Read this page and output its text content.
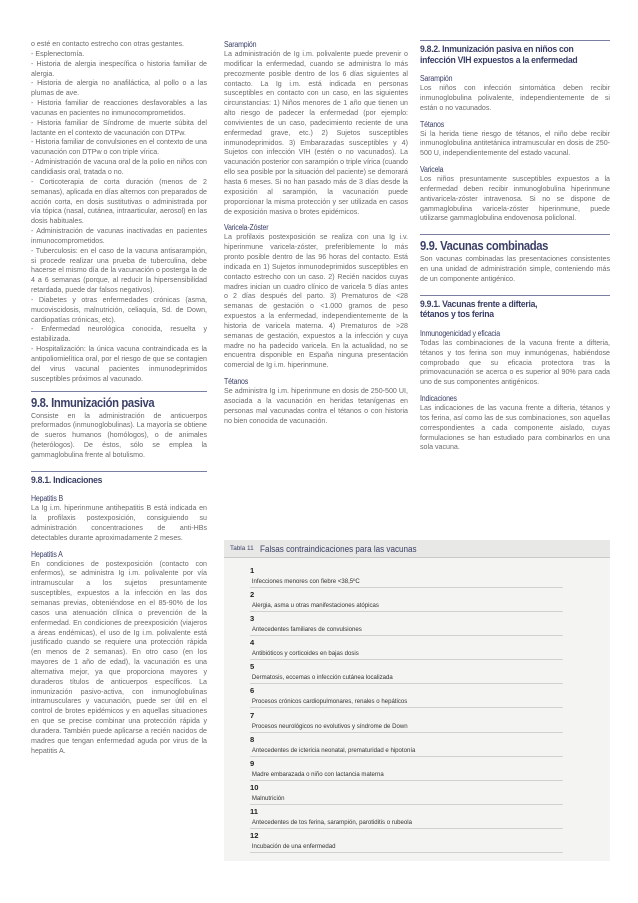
o esté en contacto estrecho con otras gestantes.

- Esplenectomía.

- Historia de alergia inespecífica o historia familiar de alergia.

- Historia de alergia no anafiláctica, al pollo o a las plumas de ave.

- Historia familiar de reacciones desfavorables a las vacunas en pacientes no inmunocomprometidos.

- Historia familiar de Síndrome de muerte súbita del lactante en el contexto de vacunación con DTPw.

- Historia familiar de convulsiones en el contexto de una vacunación con DTPw o con triple vírica.

- Administración de vacuna oral de la polio en niños con candidiasis oral, tratada o no.

- Corticoterapia de corta duración (menos de 2 semanas), aplicada en días alternos con preparados de acción corta, en dosis sustitutivas o administrada por vía tópica (nasal, cutánea, intraarticular, aerosol) en las dosis habituales.

- Administración de vacunas inactivadas en pacientes inmunocomprometidos.

- Tuberculosis: en el caso de la vacuna antisarampión, si procede realizar una prueba de tuberculina, debe hacerse el mismo día de la vacunación o posterga la de 4 a 6 semanas (porque, al reducir la hipersensibilidad retardada, puede dar falsos negativos).

- Diabetes y otras enfermedades crónicas (asma, mucoviscidosis, malnutrición, celiaquía, Sd. de Down, cardiopatías crónicas, etc).

- Enfermedad neurológica conocida, resuelta y estabilizada.

- Hospitalización: la única vacuna contraindicada es la antipoliomielítica oral, por el riesgo de que se contagien del virus vacunal pacientes inmunodeprimidos susceptibles próximos al vacunado.

9.8. Inmunización pasiva

Consiste en la administración de anticuerpos preformados (inmunoglobulinas). La mayoría se obtiene de sueros humanos (homólogos), o de animales (heterólogos). De éstos, sólo se emplea la gammaglobulina frente al botulismo.

9.8.1. Indicaciones
Hepatitis B

La Ig i.m. hiperinmune antihepatitis B está indicada en la profilaxis postexposición, consiguiendo su administración concentraciones de anti-HBs detectables durante aproximadamente 2 meses.

Hepatitis A

En condiciones de postexposición (contacto con enfermos), se administra Ig i.m. polivalente por vía intramuscular a los sujetos presuntamente susceptibles, expuestos a la infección en las dos semanas previas, obteniéndose en el 85-90% de los casos una atenuación clínica o prevención de la enfermedad. En condiciones de preexposición (viajeros a áreas endémicas), el uso de Ig i.m. polivalente está justificado cuando se requiere una protección rápida (en menos de 2 semanas). En otro caso (en los mayores de 1 año de edad), la vacunación es una alternativa mejor, ya que proporciona mayores y duraderos títulos de anticuerpos específicos. La inmunización pasivo-activa, con inmunoglobulinas intramusculares y vacunación, puede ser útil en el control de brotes epidémicos y en aquellas situaciones en que se precise combinar una protección rápida y duradera. También puede aplicarse a recién nacidos de madres que tengan enfermedad aguda por virus de la hepatitis A.

Sarampión

La administración de Ig i.m. polivalente puede prevenir o modificar la enfermedad, cuando se administra lo más precozmente posible dentro de los 6 días siguientes al contacto. La Ig i.m. está indicada en personas susceptibles en contacto con un caso, en las siguientes circunstancias: 1) Niños menores de 1 año que tienen un alto riesgo de padecer la enfermedad (por ejemplo: convivientes de un caso, padecimiento reciente de una enfermedad grave, etc.) 2) Sujetos susceptibles inmunodeprimidos. 3) Embarazadas susceptibles y 4) Sujetos con infección VIH (estén o no vacunados). La vacunación posterior con sarampión o triple vírica (cuando ello sea posible por la situación del paciente) se demorará hasta 6 meses. Si no han pasado más de 3 días desde la exposición al sarampión, la vacunación puede proporcionar la misma protección y ser utilizada en casos de exposición masiva o brotes epidémicos.

Varicela-Zóster

La profilaxis postexposición se realiza con una Ig i.v. hiperinmune varicela-zóster, preferiblemente lo más pronto posible dentro de las 96 horas del contacto. Está indicada en 1) Sujetos inmunodeprimidos susceptibles en contacto estrecho con un caso. 2) Recién nacidos cuyas madres inician un cuadro clínico de varicela 5 días antes o 2 días después del parto. 3) Prematuros de <28 semanas de gestación o <1.000 gramos de peso expuestos a la enfermedad, independientemente de la historia de varicela materna. 4) Prematuros de >28 semanas de gestación, expuestos a la infección y cuya madre no ha padecido varicela. En la actualidad, no se encuentra disponible en España ninguna presentación comercial de Ig i.m. hiperinmune.

Tétanos

Se administra Ig i.m. hiperinmune en dosis de 250-500 UI, asociada a la vacunación en heridas tetanígenas en personas mal vacunadas contra el tétanos o con historia no bien conocida de vacunación.

9.8.2. Inmunización pasiva en niños con infección VIH expuestos a la enfermedad
Sarampión

Los niños con infección sintomática deben recibir inmunoglobulina polivalente, independientemente de si están o no vacunados.

Tétanos

Si la herida tiene riesgo de tétanos, el niño debe recibir inmunoglobulina antitetánica intramuscular en dosis de 250-500 U, independientemente del estado vacunal.

Varicela

Los niños presuntamente susceptibles expuestos a la enfermedad deben recibir inmunoglobulina hiperinmune antivaricela-zóster intravenosa. Si no se dispone de gammaglobulina varicela-zóster hiperinmune, puede utilizarse gammaglobulina endovenosa policlonal.

9.9. Vacunas combinadas

Son vacunas combinadas las presentaciones consistentes en una unidad de administración simple, conteniendo más de un componente antigénico.

9.9.1. Vacunas frente a difteria, tétanos y tos ferina
Inmunogenicidad y eficacia

Todas las combinaciones de la vacuna frente a difteria, tétanos y tos ferina son muy inmunógenas, habiéndose comprobado que su eficacia protectora tras la primovacunación se acerca o es superior al 90% para cada uno de sus componentes antigénicos.

Indicaciones

Las indicaciones de las vacuna frente a difteria, tétanos y tos ferina, así como las de sus combinaciones, son aquellas correspondientes a cada componente aislado, cuyas formulaciones se han estudiado para combinarlos en una sola vacuna.

Tabla 11 Falsas contraindicaciones para las vacunas
1
Infecciones menores con fiebre <38,5ºC
2
Alergia, asma u otras manifestaciones atópicas
3
Antecedentes familiares de convulsiones
4
Antibióticos y corticoides en bajas dosis
5
Dermatosis, eccemas o infección cutánea localizada
6
Procesos crónicos cardiopulmonares, renales o hepáticos
7
Procesos neurológicos no evolutivos y síndrome de Down
8
Antecedentes de ictericia neonatal, prematuridad e hipotonía
9
Madre embarazada o niño con lactancia materna
10
Malnutrición
11
Antecedentes de tos ferina, sarampión, parotiditis o rubeola
12
Incubación de una enfermedad
